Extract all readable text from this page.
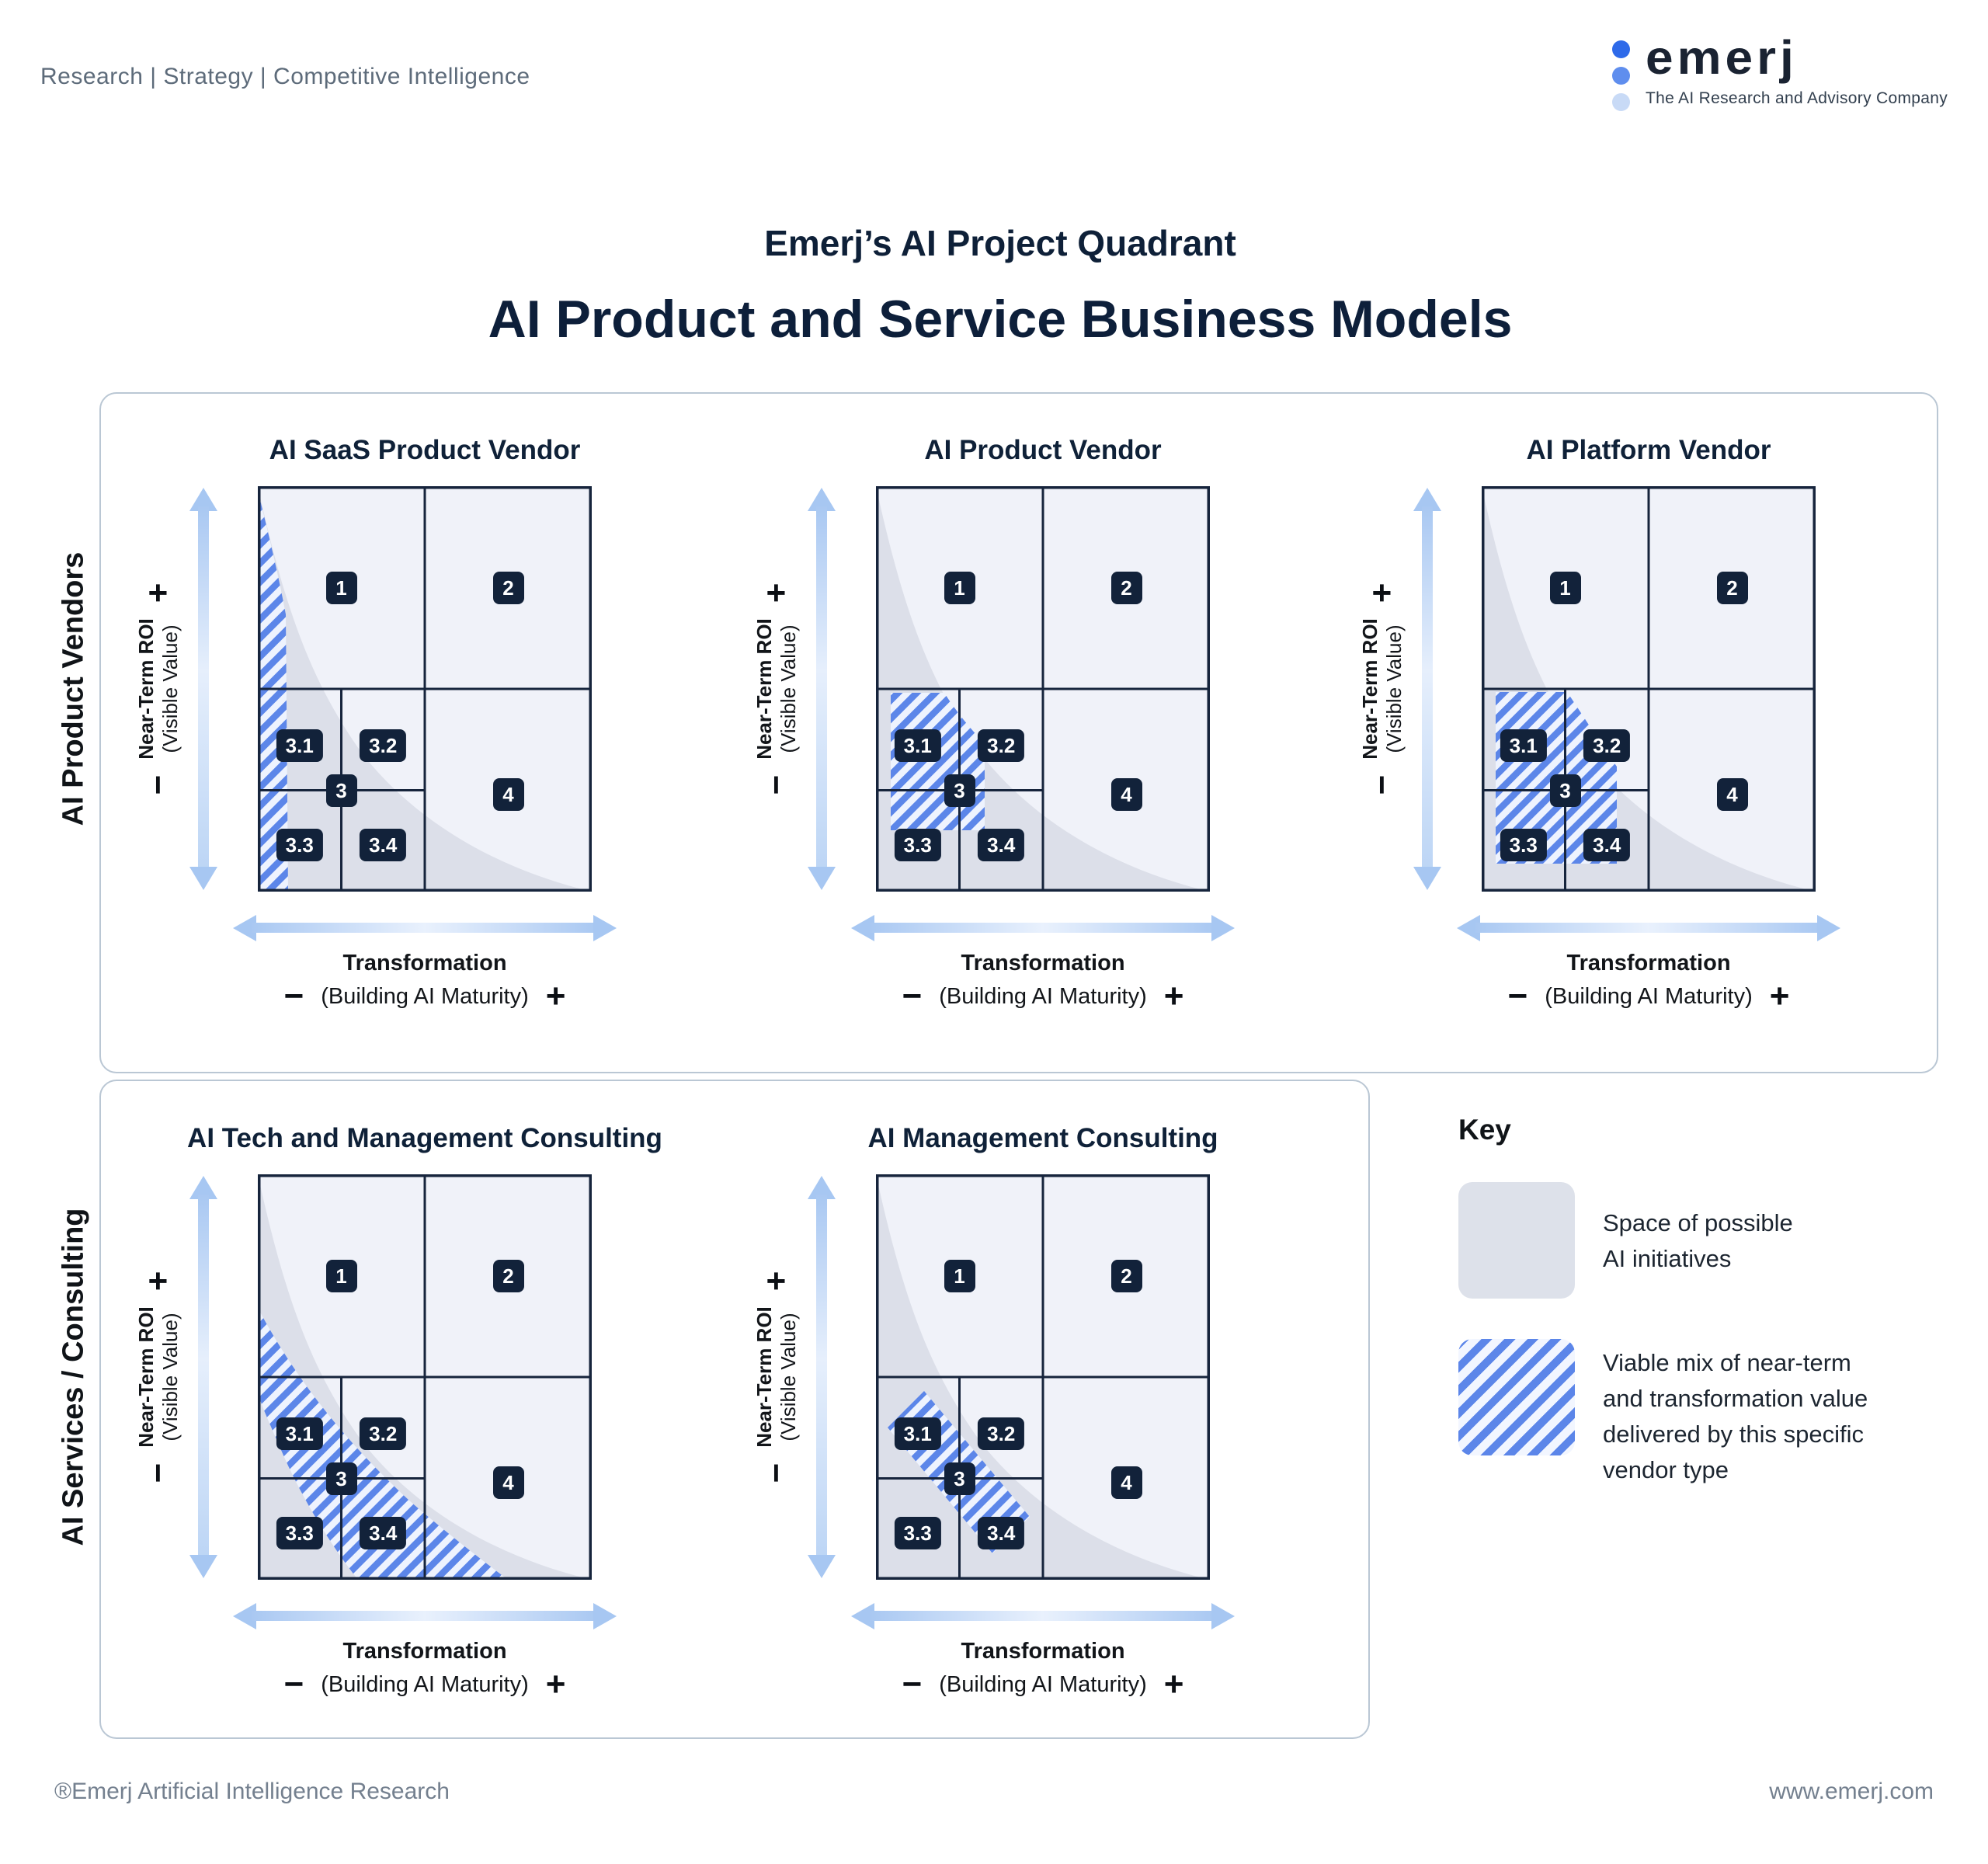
Research | Strategy | Competitive Intelligence	emerj
The AI Research and Advisory Company
Emerj’s AI Project Quadrant
AI Product and Service Business Models
AI Product Vendors
AI Services / Consulting
AI SaaS Product Vendor
1	2
3.1	3.2
3
3.3	3.4
4
−
Near-Term ROI (Visible Value)
+
Transformation
− (Building AI Maturity) +
AI Product Vendor
1	2
3.1	3.2
3
3.3	3.4
4
−
Near-Term ROI (Visible Value)
+
Transformation
− (Building AI Maturity) +
AI Platform Vendor
1	2
3.1	3.2
3
3.3	3.4
4
−
Near-Term ROI (Visible Value)
+
Transformation
− (Building AI Maturity) +
AI Tech and Management Consulting
1	2
3.1	3.2
3
3.3	3.4
4
−
Near-Term ROI (Visible Value)
+
Transformation
− (Building AI Maturity) +
AI Management Consulting
1	2
3.1	3.2
3
3.3	3.4
4
−
Near-Term ROI (Visible Value)
+
Transformation
− (Building AI Maturity) +
Key
Space of possible
AI initiatives
Viable mix of near-term
and transformation value
delivered by this specific
vendor type
®Emerj Artificial Intelligence Research	www.emerj.com
